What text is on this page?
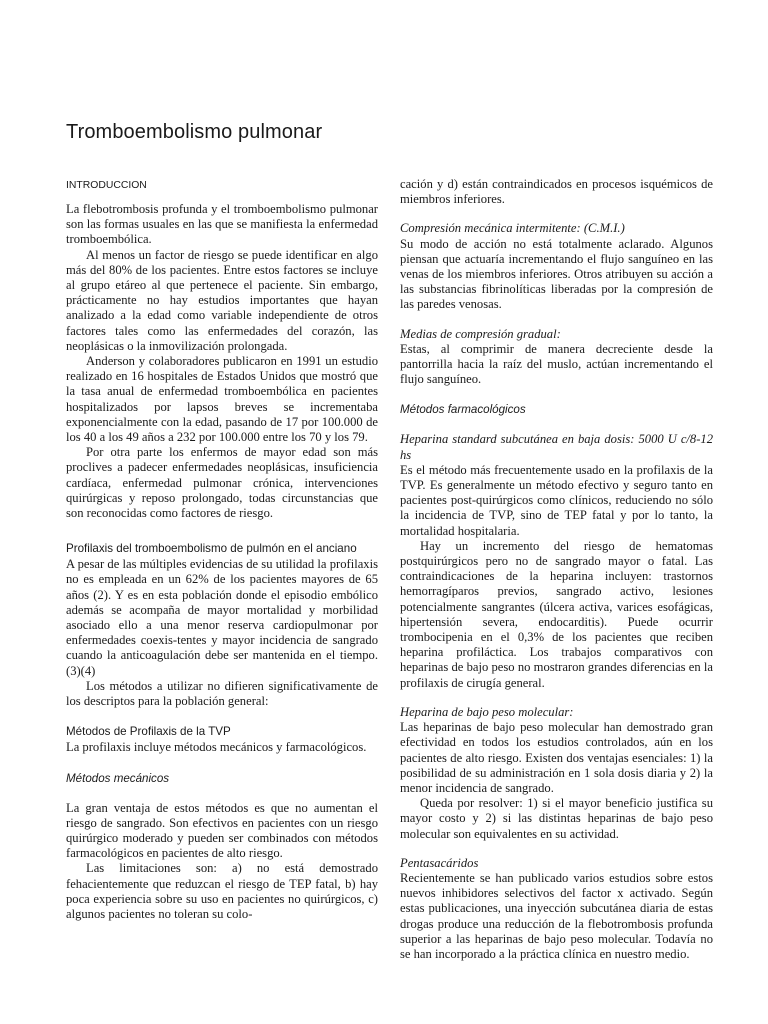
Tromboembolismo pulmonar
INTRODUCCION

La flebotrombosis profunda y el tromboembolismo pulmonar son las formas usuales en las que se manifiesta la enfermedad tromboembólica.

Al menos un factor de riesgo se puede identificar en algo más del 80% de los pacientes. Entre estos factores se incluye al grupo etáreo al que pertenece el paciente. Sin embargo, prácticamente no hay estudios importantes que hayan analizado a la edad como variable independiente de otros factores tales como las enfermedades del corazón, las neoplásicas o la inmovilización prolongada.

Anderson y colaboradores publicaron en 1991 un estudio realizado en 16 hospitales de Estados Unidos que mostró que la tasa anual de enfermedad tromboembólica en pacientes hospitalizados por lapsos breves se incrementaba exponencialmente con la edad, pasando de 17 por 100.000 de los 40 a los 49 años a 232 por 100.000 entre los 70 y los 79.

Por otra parte los enfermos de mayor edad son más proclives a padecer enfermedades neoplásicas, insuficiencia cardíaca, enfermedad pulmonar crónica, intervenciones quirúrgicas y reposo prolongado, todas circunstancias que son reconocidas como factores de riesgo.

Profilaxis del tromboembolismo de pulmón en el anciano

A pesar de las múltiples evidencias de su utilidad la profilaxis no es empleada en un 62% de los pacientes mayores de 65 años (2). Y es en esta población donde el episodio embólico además se acompaña de mayor mortalidad y morbilidad asociado ello a una menor reserva cardiopulmonar por enfermedades coexis-tentes y mayor incidencia de sangrado cuando la anticoagulación debe ser mantenida en el tiempo. (3)(4)

Los métodos a utilizar no difieren significativamente de los descriptos para la población general:

Métodos de Profilaxis de la TVP

La profilaxis incluye métodos mecánicos y farmacológicos.

Métodos mecánicos

La gran ventaja de estos métodos es que no aumentan el riesgo de sangrado. Son efectivos en pacientes con un riesgo quirúrgico moderado y pueden ser combinados con métodos farmacológicos en pacientes de alto riesgo.

Las limitaciones son: a) no está demostrado fehacientemente que reduzcan el riesgo de TEP fatal, b) hay poca experiencia sobre su uso en pacientes no quirúrgicos, c) algunos pacientes no toleran su colo-

cación y d) están contraindicados en procesos isquémicos de miembros inferiores.

Compresión mecánica intermitente: (C.M.I.)

Su modo de acción no está totalmente aclarado. Algunos piensan que actuaría incrementando el flujo sanguíneo en las venas de los miembros inferiores. Otros atribuyen su acción a las substancias fibrinolíticas liberadas por la compresión de las paredes venosas.

Medias de compresión gradual:

Estas, al comprimir de manera decreciente desde la pantorrilla hacia la raíz del muslo, actúan incrementando el flujo sanguíneo.

Métodos farmacológicos

Heparina standard subcutánea en baja dosis: 5000 U c/8-12 hs

Es el método más frecuentemente usado en la profilaxis de la TVP. Es generalmente un método efectivo y seguro tanto en pacientes post-quirúrgicos como clínicos, reduciendo no sólo la incidencia de TVP, sino de TEP fatal y por lo tanto, la mortalidad hospitalaria.

Hay un incremento del riesgo de hematomas postquirúrgicos pero no de sangrado mayor o fatal. Las contraindicaciones de la heparina incluyen: trastornos hemorragíparos previos, sangrado activo, lesiones potencialmente sangrantes (úlcera activa, varices esofágicas, hipertensión severa, endocarditis). Puede ocurrir trombocipenia en el 0,3% de los pacientes que reciben heparina profiláctica. Los trabajos comparativos con heparinas de bajo peso no mostraron grandes diferencias en la profilaxis de cirugía general.

Heparina de bajo peso molecular:

Las heparinas de bajo peso molecular han demostrado gran efectividad en todos los estudios controlados, aún en los pacientes de alto riesgo. Existen dos ventajas esenciales: 1) la posibilidad de su administración en 1 sola dosis diaria y 2) la menor incidencia de sangrado.

Queda por resolver: 1) si el mayor beneficio justifica su mayor costo y 2) si las distintas heparinas de bajo peso molecular son equivalentes en su actividad.

Pentasacáridos

Recientemente se han publicado varios estudios sobre estos nuevos inhibidores selectivos del factor x activado. Según estas publicaciones, una inyección subcutánea diaria de estas drogas produce una reducción de la flebotrombosis profunda superior a las heparinas de bajo peso molecular. Todavía no se han incorporado a la práctica clínica en nuestro medio.
